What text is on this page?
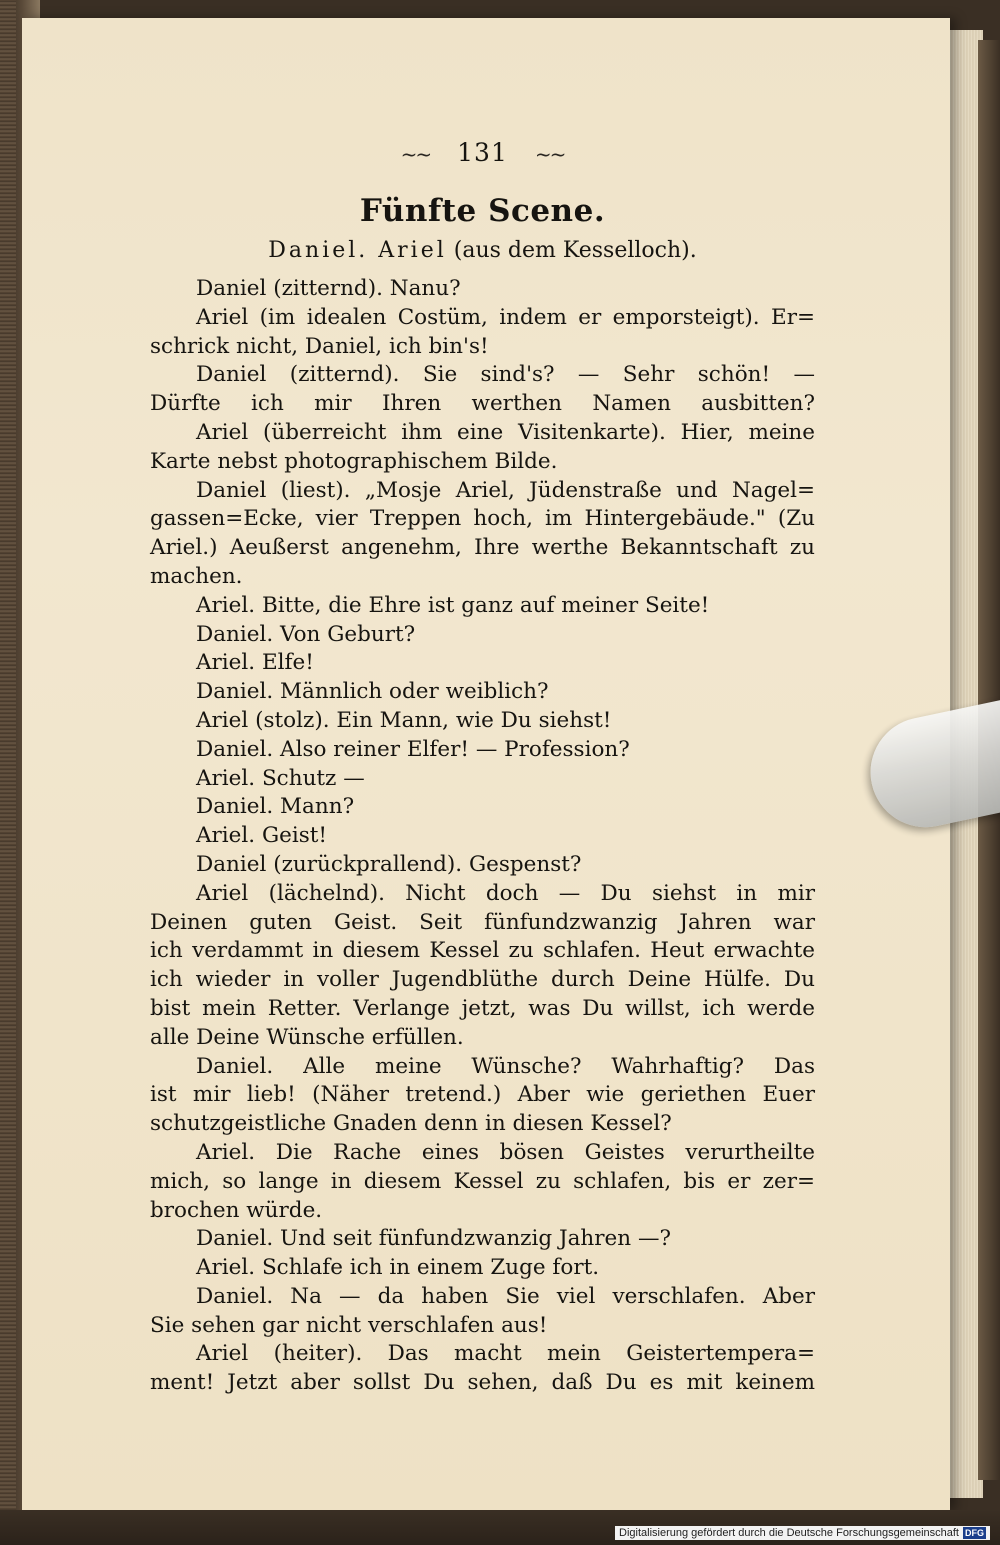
~~ 131 ~~
Fünfte Scene.
Daniel. Ariel (aus dem Kesselloch).
Daniel (zitternd). Nanu?
Ariel (im idealen Costüm, indem er emporsteigt). Er=
schrick nicht, Daniel, ich bin's!
Daniel (zitternd). Sie sind's? — Sehr schön! —
Dürfte ich mir Ihren werthen Namen ausbitten?
Ariel (überreicht ihm eine Visitenkarte). Hier, meine
Karte nebst photographischem Bilde.
Daniel (liest). „Mosje Ariel, Jüdenstraße und Nagel=
gassen=Ecke, vier Treppen hoch, im Hintergebäude." (Zu
Ariel.) Aeußerst angenehm, Ihre werthe Bekanntschaft zu
machen.
Ariel. Bitte, die Ehre ist ganz auf meiner Seite!
Daniel. Von Geburt?
Ariel. Elfe!
Daniel. Männlich oder weiblich?
Ariel (stolz). Ein Mann, wie Du siehst!
Daniel. Also reiner Elfer! — Profession?
Ariel. Schutz —
Daniel. Mann?
Ariel. Geist!
Daniel (zurückprallend). Gespenst?
Ariel (lächelnd). Nicht doch — Du siehst in mir
Deinen guten Geist. Seit fünfundzwanzig Jahren war
ich verdammt in diesem Kessel zu schlafen. Heut erwachte
ich wieder in voller Jugendblüthe durch Deine Hülfe. Du
bist mein Retter. Verlange jetzt, was Du willst, ich werde
alle Deine Wünsche erfüllen.
Daniel. Alle meine Wünsche? Wahrhaftig? Das
ist mir lieb! (Näher tretend.) Aber wie geriethen Euer
schutzgeistliche Gnaden denn in diesen Kessel?
Ariel. Die Rache eines bösen Geistes verurtheilte
mich, so lange in diesem Kessel zu schlafen, bis er zer=
brochen würde.
Daniel. Und seit fünfundzwanzig Jahren —?
Ariel. Schlafe ich in einem Zuge fort.
Daniel. Na — da haben Sie viel verschlafen. Aber
Sie sehen gar nicht verschlafen aus!
Ariel (heiter). Das macht mein Geistertempera=
ment! Jetzt aber sollst Du sehen, daß Du es mit keinem
Digitalisierung gefördert durch die Deutsche Forschungsgemeinschaft DFG
